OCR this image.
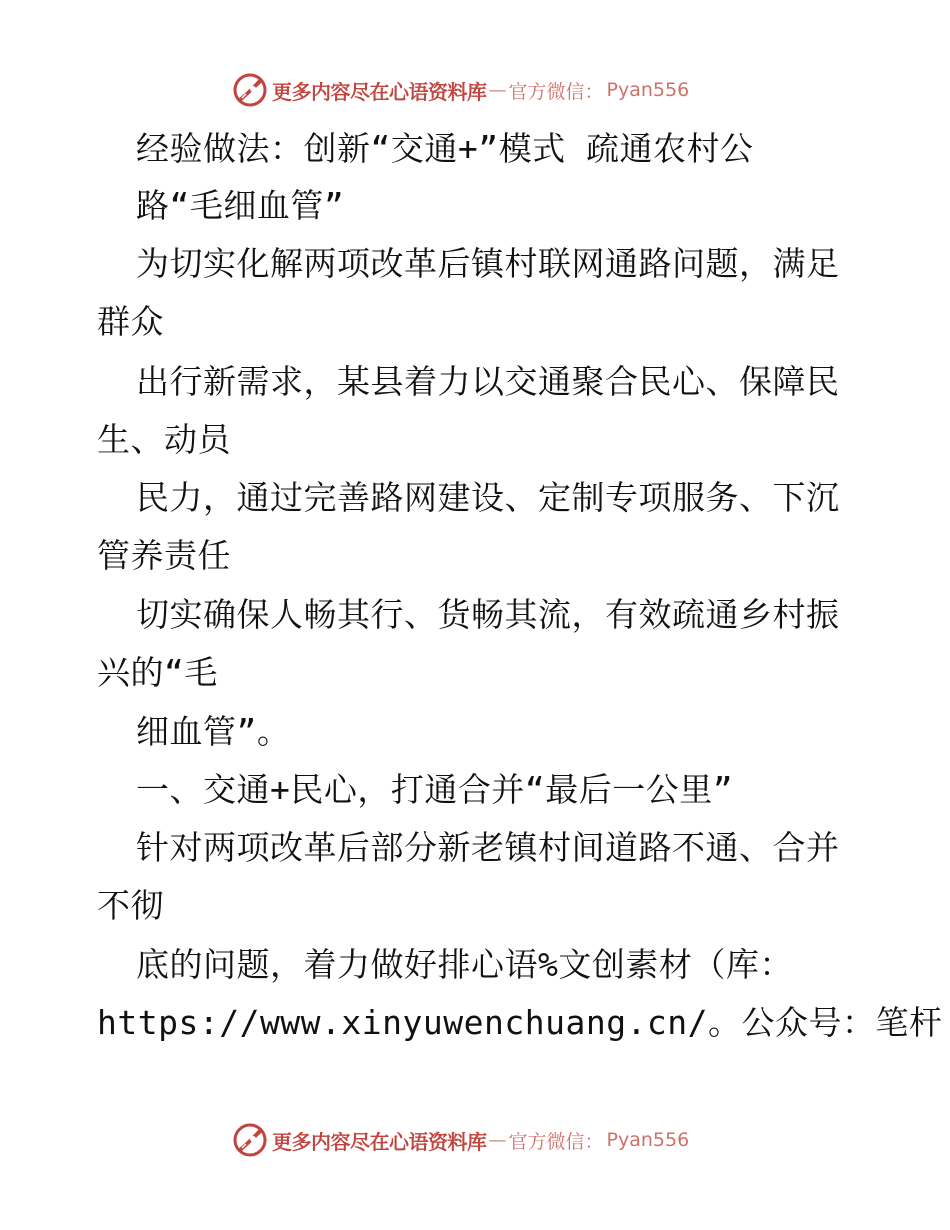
更多内容尽在心语资料库 — 官方微信： Pyan556

经验做法：创新“交通+”模式 疏通农村公

路“毛细血管”

为切实化解两项改革后镇村联网通路问题，满足

群众

出行新需求，某县着力以交通聚合民心、保障民

生、动员

民力，通过完善路网建设、定制专项服务、下沉

管养责任

切实确保人畅其行、货畅其流，有效疏通乡村振

兴的“毛

细血管”。

一、交通+民心，打通合并“最后一公里”

针对两项改革后部分新老镇村间道路不通、合并

不彻

底的问题，着力做好排心语%文创素材（库：

https://www.xinyuwenchuang.cn/。公众号：笔杆

更多内容尽在心语资料库 — 官方微信： Pyan556
